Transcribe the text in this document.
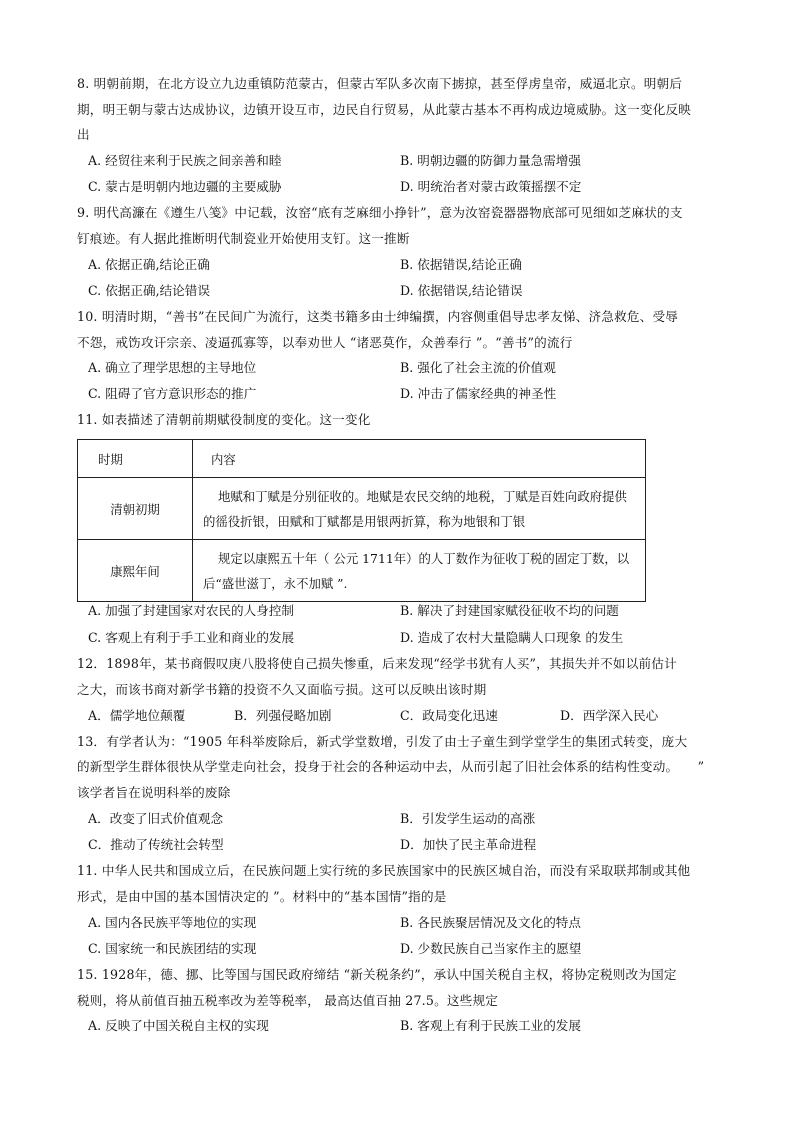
8. 明朝前期，在北方设立九边重镇防范蒙古，但蒙古军队多次南下掳掠，甚至俘虏皇帝，威逼北京。明朝后
期，明王朝与蒙古达成协议，边镇开设互市，边民自行贸易，从此蒙古基本不再构成边境威胁。这一变化反映
出
A. 经贸往来利于民族之间亲善和睦	B. 明朝边疆的防御力量急需增强
C. 蒙古是明朝内地边疆的主要威胁	D. 明统治者对蒙古政策摇摆不定
9. 明代高濂在《遵生八笺》中记载，汝窑“底有芝麻细小挣针”，意为汝窑瓷器器物底部可见细如芝麻状的支
钉痕迹。有人据此推断明代制瓷业开始使用支钉。这一推断
A. 依据正确,结论正确	B. 依据错误,结论正确
C. 依据正确,结论错误	D. 依据错误,结论错误
10. 明清时期，“善书”在民间广为流行，这类书籍多由士绅编撰，内容侧重倡导忠孝友悌、济急救危、受辱
不怨，戒饬攻讦宗亲、凌逼孤寡等，以奉劝世人 “诸恶莫作，众善奉行 ”。“善书”的流行
A. 确立了理学思想的主导地位	B. 强化了社会主流的价值观
C. 阻碍了官方意识形态的推广	D. 冲击了儒家经典的神圣性
11. 如表描述了清朝前期赋役制度的变化。这一变化
时期	内容
清朝初期	地赋和丁赋是分别征收的。地赋是农民交纳的地税，丁赋是百姓向政府提供的徭役折银，田赋和丁赋都是用银两折算，称为地银和丁银
康熙年间	规定以康熙五十年（ 公元 1711年）的人丁数作为征收丁税的固定丁数，以后“盛世滋丁，永不加赋 ”.
A. 加强了封建国家对农民的人身控制	B. 解决了封建国家赋役征收不均的问题
C. 客观上有利于手工业和商业的发展	D. 造成了农村大量隐瞒人口现象 的发生
12．1898年，某书商假叹庚八股将使自己损失惨重，后来发现“经学书犹有人买”，其损失并不如以前估计
之大，而该书商对新学书籍的投资不久又面临亏损。这可以反映出该时期
A．儒学地位颠覆	B．列强侵略加剧	C．政局变化迅速	D．西学深入民心
13．有学者认为：“1905 年科举废除后，新式学堂数增，引发了由士子童生到学堂学生的集团式转变，庞大
的新型学生群体很快从学堂走向社会，投身于社会的各种运动中去，从而引起了旧社会体系的结构性变动。　　”
该学者旨在说明科举的废除
A．改变了旧式价值观念	B．引发学生运动的高涨
C．推动了传统社会转型	D．加快了民主革命进程
11. 中华人民共和国成立后，在民族问题上实行统的多民族国家中的民族区城自治，而没有采取联邦制或其他
形式，是由中国的基本国情决定的 ”。材料中的“基本国情”指的是
A. 国内各民族平等地位的实现	B. 各民族聚居情况及文化的特点
C. 国家统一和民族团结的实现	D. 少数民族自己当家作主的愿望
15. 1928年，德、挪、比等国与国民政府缔结 “新关税条约”，承认中国关税自主权，将协定税则改为国定
税则，将从前值百抽五税率改为差等税率， 最高达值百抽 27.5。这些规定
A. 反映了中国关税自主权的实现	B. 客观上有利于民族工业的发展
